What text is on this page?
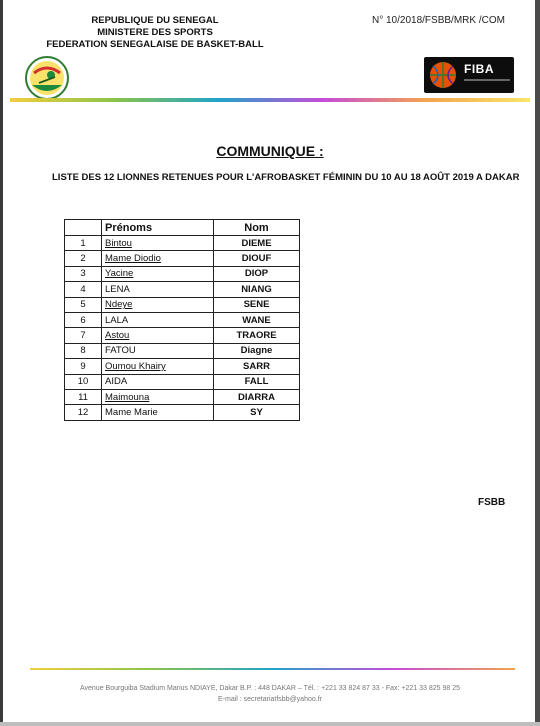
REPUBLIQUE DU SENEGAL
MINISTERE DES SPORTS
FEDERATION SENEGALAISE DE BASKET-BALL
N° 10/2018/FSBB/MRK /COM
FIBA
COMMUNIQUE :
LISTE DES 12 LIONNES RETENUES POUR L'AFROBASKET FÉMININ DU 10 AU 18 AOÛT 2019 A DAKAR
	Prénoms	Nom
1	Bintou	DIEME
2	Mame Diodio	DIOUF
3	Yacine	DIOP
4	LENA	NIANG
5	Ndeye	SENE
6	LALA	WANE
7	Astou	TRAORE
8	FATOU	Diagne
9	Oumou Khairy	SARR
10	AIDA	FALL
11	Maimouna	DIARRA
12	Mame Marie	SY
FSBB
Avenue Bourguiba Stadium Marius NDIAYE, Dakar B.P. : 448 DAKAR – Tél. : +221 33 824 87 33 - Fax: +221 33 825 98 25
E-mail : secretariatfsbb@yahoo.fr
